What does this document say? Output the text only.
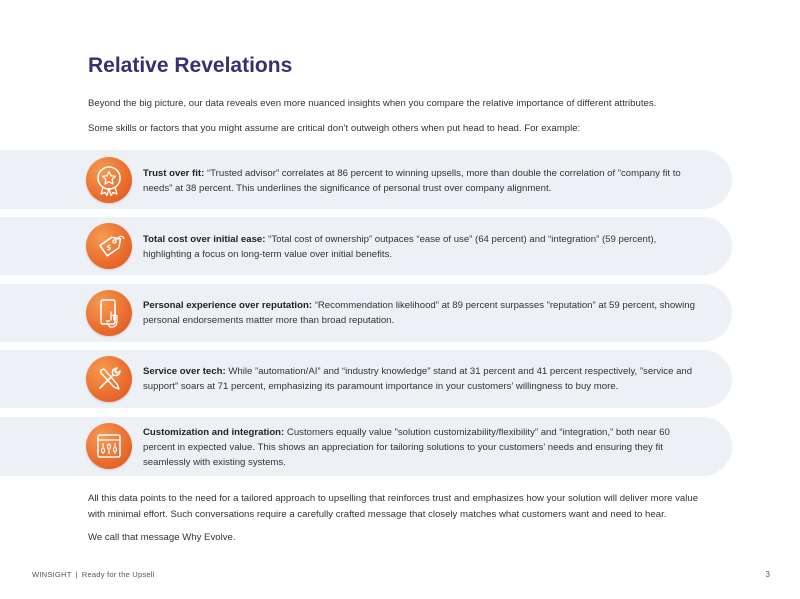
Relative Revelations

Beyond the big picture, our data reveals even more nuanced insights when you compare the relative importance of different attributes.

Some skills or factors that you might assume are critical don’t outweigh others when put head to head. For example:

Trust over fit: “Trusted advisor” correlates at 86 percent to winning upsells, more than double the correlation of ”company fit to needs” at 38 percent. This underlines the significance of personal trust over company alignment.

$

Total cost over initial ease: “Total cost of ownership” outpaces “ease of use” (64 percent) and “integration” (59 percent), highlighting a focus on long-term value over initial benefits.

Personal experience over reputation: “Recommendation likelihood” at 89 percent surpasses ”reputation” at 59 percent, showing personal endorsements matter more than broad reputation.

Service over tech: While ”automation/AI” and “industry knowledge” stand at 31 percent and 41 percent respectively, ”service and support” soars at 71 percent, emphasizing its paramount importance in your customers’ willingness to buy more.

Customization and integration: Customers equally value ”solution customizability/flexibility” and “integration,” both near 60 percent in expected value. This shows an appreciation for tailoring solutions to your customers’ needs and ensuring they fit seamlessly with existing systems.

All this data points to the need for a tailored approach to upselling that reinforces trust and emphasizes how your solution will deliver more value with minimal effort. Such conversations require a carefully crafted message that closely matches what customers want and need to hear.

We call that message Why Evolve.

WINSIGHT | Ready for the Upsell	3
